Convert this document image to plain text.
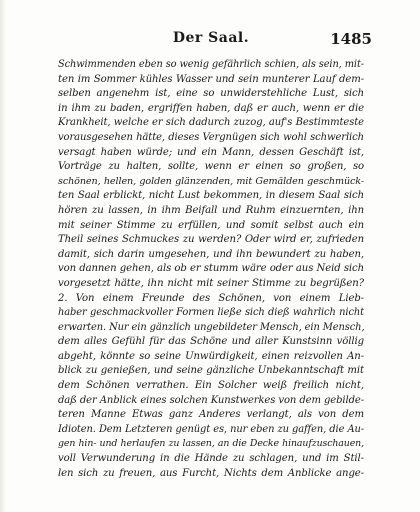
Der Saal.	1485
Schwimmenden eben so wenig gefährlich schien, als sein, mit-
ten im Sommer kühles Wasser und sein munterer Lauf dem-
selben angenehm ist, eine so unwiderstehliche Lust, sich
in ihm zu baden, ergriffen haben, daß er auch, wenn er die
Krankheit, welche er sich dadurch zuzog, auf's Bestimmteste
vorausgesehen hätte, dieses Vergnügen sich wohl schwerlich
versagt haben würde; und ein Mann, dessen Geschäft ist,
Vorträge zu halten, sollte, wenn er einen so großen, so
schönen, hellen, golden glänzenden, mit Gemälden geschmück-
ten Saal erblickt, nicht Lust bekommen, in diesem Saal sich
hören zu lassen, in ihm Beifall und Ruhm einzuernten, ihn
mit seiner Stimme zu erfüllen, und somit selbst auch ein
Theil seines Schmuckes zu werden? Oder wird er, zufrieden
damit, sich darin umgesehen, und ihn bewundert zu haben,
von dannen gehen, als ob er stumm wäre oder aus Neid sich
vorgesetzt hätte, ihn nicht mit seiner Stimme zu begrüßen?
2. Von einem Freunde des Schönen, von einem Lieb-
haber geschmackvoller Formen ließe sich dieß wahrlich nicht
erwarten. Nur ein gänzlich ungebildeter Mensch, ein Mensch,
dem alles Gefühl für das Schöne und aller Kunstsinn völlig
abgeht, könnte so seine Unwürdigkeit, einen reizvollen An-
blick zu genießen, und seine gänzliche Unbekanntschaft mit
dem Schönen verrathen. Ein Solcher weiß freilich nicht,
daß der Anblick eines solchen Kunstwerkes von dem gebilde-
teren Manne Etwas ganz Anderes verlangt, als von dem
Idioten. Dem Letzteren genügt es, nur eben zu gaffen, die Au-
gen hin- und herlaufen zu lassen, an die Decke hinaufzuschauen,
voll Verwunderung in die Hände zu schlagen, und im Stil-
len sich zu freuen, aus Furcht, Nichts dem Anblicke ange-
